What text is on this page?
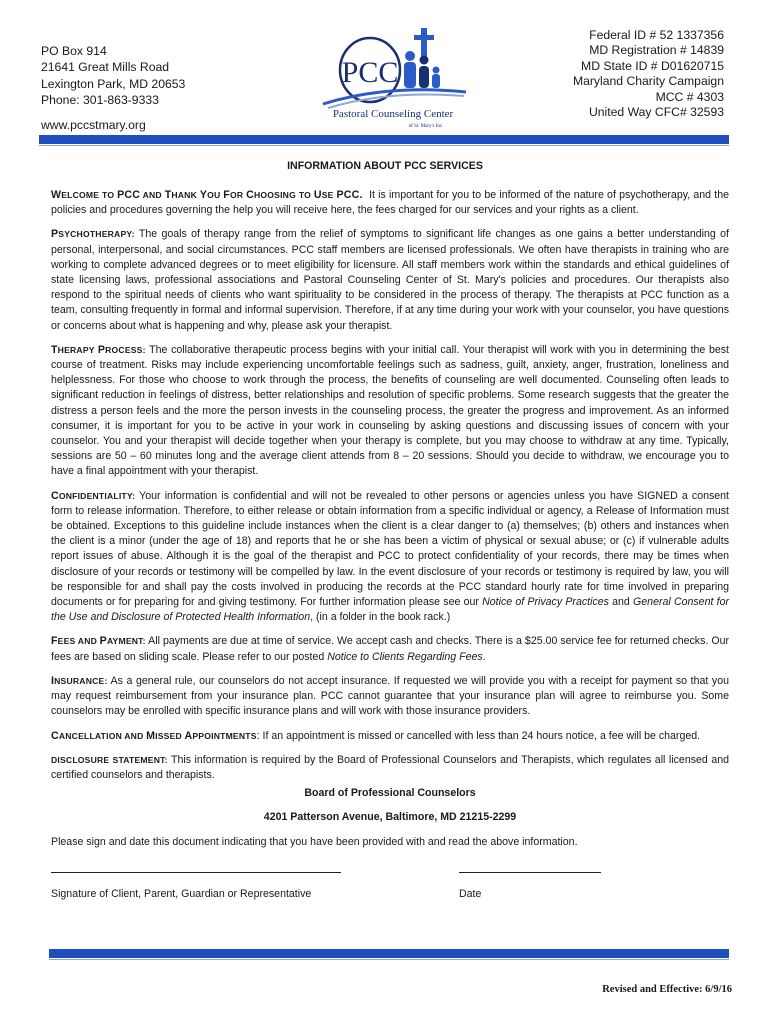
PO Box 914
21641 Great Mills Road
Lexington Park, MD 20653
Phone: 301-863-9333
www.pccstmary.org
PCC
Pastoral Counseling Center
of St. Mary's Inc.
Federal ID # 52 1337356
MD Registration # 14839
MD State ID # D01620715
Maryland Charity Campaign
MCC # 4303
United Way CFC# 32593
INFORMATION ABOUT PCC SERVICES

WELCOME TO PCC AND THANK YOU FOR CHOOSING TO USE PCC. It is important for you to be informed of the nature of psychotherapy, and the policies and procedures governing the help you will receive here, the fees charged for our services and your rights as a client.

PSYCHOTHERAPY: The goals of therapy range from the relief of symptoms to significant life changes as one gains a better understanding of personal, interpersonal, and social circumstances. PCC staff members are licensed professionals. We often have therapists in training who are working to complete advanced degrees or to meet eligibility for licensure. All staff members work within the standards and ethical guidelines of state licensing laws, professional associations and Pastoral Counseling Center of St. Mary's policies and procedures. Our therapists also respond to the spiritual needs of clients who want spirituality to be considered in the process of therapy. The therapists at PCC function as a team, consulting frequently in formal and informal supervision. Therefore, if at any time during your work with your counselor, you have questions or concerns about what is happening and why, please ask your therapist.

THERAPY PROCESS: The collaborative therapeutic process begins with your initial call. Your therapist will work with you in determining the best course of treatment. Risks may include experiencing uncomfortable feelings such as sadness, guilt, anxiety, anger, frustration, loneliness and helplessness. For those who choose to work through the process, the benefits of counseling are well documented. Counseling often leads to significant reduction in feelings of distress, better relationships and resolution of specific problems. Some research suggests that the greater the distress a person feels and the more the person invests in the counseling process, the greater the progress and improvement. As an informed consumer, it is important for you to be active in your work in counseling by asking questions and discussing issues of concern with your counselor. You and your therapist will decide together when your therapy is complete, but you may choose to withdraw at any time. Typically, sessions are 50 – 60 minutes long and the average client attends from 8 – 20 sessions. Should you decide to withdraw, we encourage you to have a final appointment with your therapist.

CONFIDENTIALITY: Your information is confidential and will not be revealed to other persons or agencies unless you have SIGNED a consent form to release information. Therefore, to either release or obtain information from a specific individual or agency, a Release of Information must be obtained. Exceptions to this guideline include instances when the client is a clear danger to (a) themselves; (b) others and instances when the client is a minor (under the age of 18) and reports that he or she has been a victim of physical or sexual abuse; or (c) if vulnerable adults report issues of abuse. Although it is the goal of the therapist and PCC to protect confidentiality of your records, there may be times when disclosure of your records or testimony will be compelled by law. In the event disclosure of your records or testimony is required by law, you will be responsible for and shall pay the costs involved in producing the records at the PCC standard hourly rate for time involved in preparing documents or for preparing for and giving testimony. For further information please see our Notice of Privacy Practices and General Consent for the Use and Disclosure of Protected Health Information, (in a folder in the book rack.)

FEES AND PAYMENT: All payments are due at time of service. We accept cash and checks. There is a $25.00 service fee for returned checks. Our fees are based on sliding scale. Please refer to our posted Notice to Clients Regarding Fees.

INSURANCE: As a general rule, our counselors do not accept insurance. If requested we will provide you with a receipt for payment so that you may request reimbursement from your insurance plan. PCC cannot guarantee that your insurance plan will agree to reimburse you. Some counselors may be enrolled with specific insurance plans and will work with those insurance providers.

CANCELLATION AND MISSED APPOINTMENTS: If an appointment is missed or cancelled with less than 24 hours notice, a fee will be charged.

DISCLOSURE STATEMENT: This information is required by the Board of Professional Counselors and Therapists, which regulates all licensed and certified counselors and therapists.

Board of Professional Counselors

4201 Patterson Avenue, Baltimore, MD 21215-2299

Please sign and date this document indicating that you have been provided with and read the above information.

Signature of Client, Parent, Guardian or Representative	Date
Revised and Effective: 6/9/16
